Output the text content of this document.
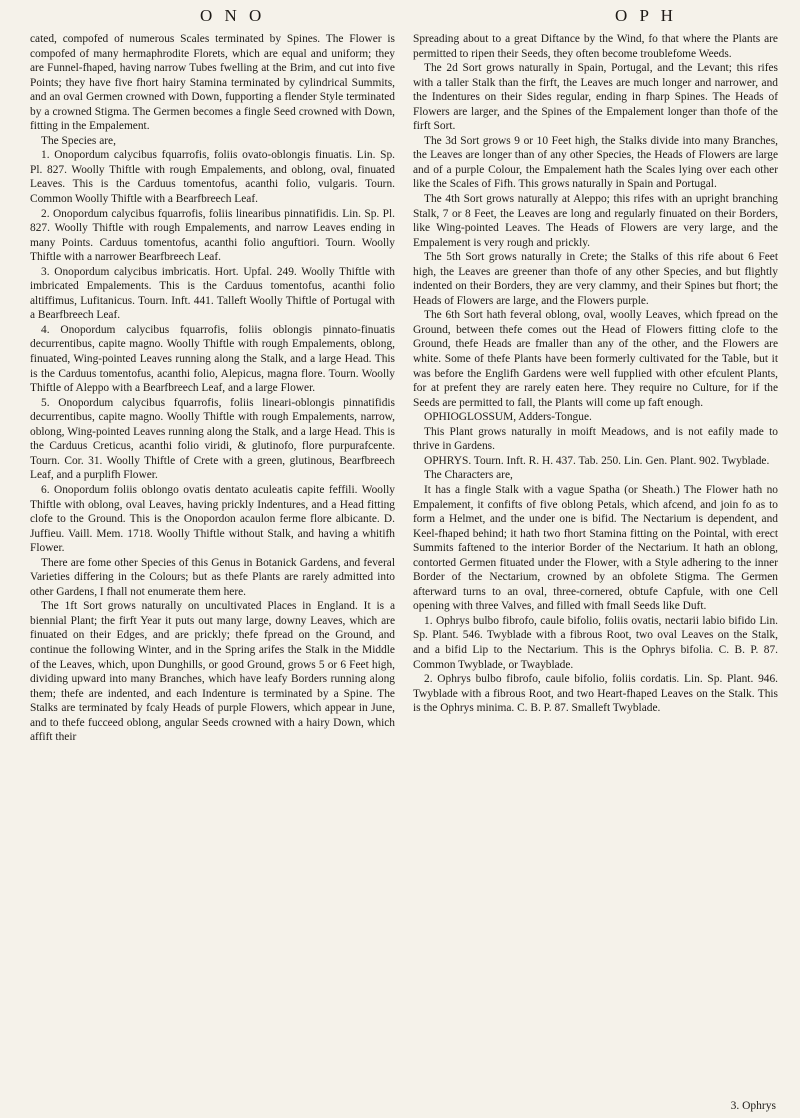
O N O	O P H

cated, compofed of numerous Scales terminated by Spines. The Flower is compofed of many hermaphrodite Florets, which are equal and uniform; they are Funnel-fhaped, having narrow Tubes fwelling at the Brim, and cut into five Points; they have five fhort hairy Stamina terminated by cylindrical Summits, and an oval Germen crowned with Down, fupporting a flender Style terminated by a crowned Stigma. The Germen becomes a fingle Seed crowned with Down, fitting in the Empalement.

The Species are,

1. Onopordum calycibus fquarrofis, foliis ovato-oblongis finuatis. Lin. Sp. Pl. 827. Woolly Thiftle with rough Empalements, and oblong, oval, finuated Leaves. This is the Carduus tomentofus, acanthi folio, vulgaris. Tourn. Common Woolly Thiftle with a Bearfbreech Leaf.

2. Onopordum calycibus fquarrofis, foliis linearibus pinnatifidis. Lin. Sp. Pl. 827. Woolly Thiftle with rough Empalements, and narrow Leaves ending in many Points. Carduus tomentofus, acanthi folio anguftiori. Tourn. Woolly Thiftle with a narrower Bearfbreech Leaf.

3. Onopordum calycibus imbricatis. Hort. Upfal. 249. Woolly Thiftle with imbricated Empalements. This is the Carduus tomentofus, acanthi folio altiffimus, Lufitanicus. Tourn. Inft. 441. Talleft Woolly Thiftle of Portugal with a Bearfbreech Leaf.

4. Onopordum calycibus fquarrofis, foliis oblongis pinnato-finuatis decurrentibus, capite magno. Woolly Thiftle with rough Empalements, oblong, finuated, Wing-pointed Leaves running along the Stalk, and a large Head. This is the Carduus tomentofus, acanthi folio, Alepicus, magna flore. Tourn. Woolly Thiftle of Aleppo with a Bearfbreech Leaf, and a large Flower.

5. Onopordum calycibus fquarrofis, foliis lineari-oblongis pinnatifidis decurrentibus, capite magno. Woolly Thiftle with rough Empalements, narrow, oblong, Wing-pointed Leaves running along the Stalk, and a large Head. This is the Carduus Creticus, acanthi folio viridi, & glutinofo, flore purpurafcente. Tourn. Cor. 31. Woolly Thiftle of Crete with a green, glutinous, Bearfbreech Leaf, and a purplifh Flower.

6. Onopordum foliis oblongo ovatis dentato aculeatis capite feffili. Woolly Thiftle with oblong, oval Leaves, having prickly Indentures, and a Head fitting clofe to the Ground. This is the Onopordon acaulon ferme flore albicante. D. Juffieu. Vaill. Mem. 1718. Woolly Thiftle without Stalk, and having a whitifh Flower.

There are fome other Species of this Genus in Botanick Gardens, and feveral Varieties differing in the Colours; but as thefe Plants are rarely admitted into other Gardens, I fhall not enumerate them here.

The 1ft Sort grows naturally on uncultivated Places in England. It is a biennial Plant; the firft Year it puts out many large, downy Leaves, which are finuated on their Edges, and are prickly; thefe fpread on the Ground, and continue the following Winter, and in the Spring arifes the Stalk in the Middle of the Leaves, which, upon Dunghills, or good Ground, grows 5 or 6 Feet high, dividing upward into many Branches, which have leafy Borders running along them; thefe are indented, and each Indenture is terminated by a Spine. The Stalks are terminated by fcaly Heads of purple Flowers, which appear in June, and to thefe fucceed oblong, angular Seeds crowned with a hairy Down, which affift their

Spreading about to a great Diftance by the Wind, fo that where the Plants are permitted to ripen their Seeds, they often become troublefome Weeds.

The 2d Sort grows naturally in Spain, Portugal, and the Levant; this rifes with a taller Stalk than the firft, the Leaves are much longer and narrower, and the Indentures on their Sides regular, ending in fharp Spines. The Heads of Flowers are larger, and the Spines of the Empalement longer than thofe of the firft Sort.

The 3d Sort grows 9 or 10 Feet high, the Stalks divide into many Branches, the Leaves are longer than of any other Species, the Heads of Flowers are large and of a purple Colour, the Empalement hath the Scales lying over each other like the Scales of Fifh. This grows naturally in Spain and Portugal.

The 4th Sort grows naturally at Aleppo; this rifes with an upright branching Stalk, 7 or 8 Feet, the Leaves are long and regularly finuated on their Borders, like Wing-pointed Leaves. The Heads of Flowers are very large, and the Empalement is very rough and prickly.

The 5th Sort grows naturally in Crete; the Stalks of this rife about 6 Feet high, the Leaves are greener than thofe of any other Species, and but flightly indented on their Borders, they are very clammy, and their Spines but fhort; the Heads of Flowers are large, and the Flowers purple.

The 6th Sort hath feveral oblong, oval, woolly Leaves, which fpread on the Ground, between thefe comes out the Head of Flowers fitting clofe to the Ground, thefe Heads are fmaller than any of the other, and the Flowers are white. Some of thefe Plants have been formerly cultivated for the Table, but it was before the Englifh Gardens were well fupplied with other efculent Plants, for at prefent they are rarely eaten here. They require no Culture, for if the Seeds are permitted to fall, the Plants will come up faft enough.

OPHIOGLOSSUM, Adders-Tongue.

This Plant grows naturally in moift Meadows, and is not eafily made to thrive in Gardens.

OPHRYS. Tourn. Inft. R. H. 437. Tab. 250. Lin. Gen. Plant. 902. Twyblade.

The Characters are,

It has a fingle Stalk with a vague Spatha (or Sheath.) The Flower hath no Empalement, it confifts of five oblong Petals, which afcend, and join fo as to form a Helmet, and the under one is bifid. The Nectarium is dependent, and Keel-fhaped behind; it hath two fhort Stamina fitting on the Pointal, with erect Summits faftened to the interior Border of the Nectarium. It hath an oblong, contorted Germen fituated under the Flower, with a Style adhering to the inner Border of the Nectarium, crowned by an obfolete Stigma. The Germen afterward turns to an oval, three-cornered, obtufe Capfule, with one Cell opening with three Valves, and filled with fmall Seeds like Duft.

1. Ophrys bulbo fibrofo, caule bifolio, foliis ovatis, nectarii labio bifido Lin. Sp. Plant. 546. Twyblade with a fibrous Root, two oval Leaves on the Stalk, and a bifid Lip to the Nectarium. This is the Ophrys bifolia. C. B. P. 87. Common Twyblade, or Twayblade.

2. Ophrys bulbo fibrofo, caule bifolio, foliis cordatis. Lin. Sp. Plant. 946. Twyblade with a fibrous Root, and two Heart-fhaped Leaves on the Stalk. This is the Ophrys minima. C. B. P. 87. Smalleft Twyblade.

3. Ophrys
